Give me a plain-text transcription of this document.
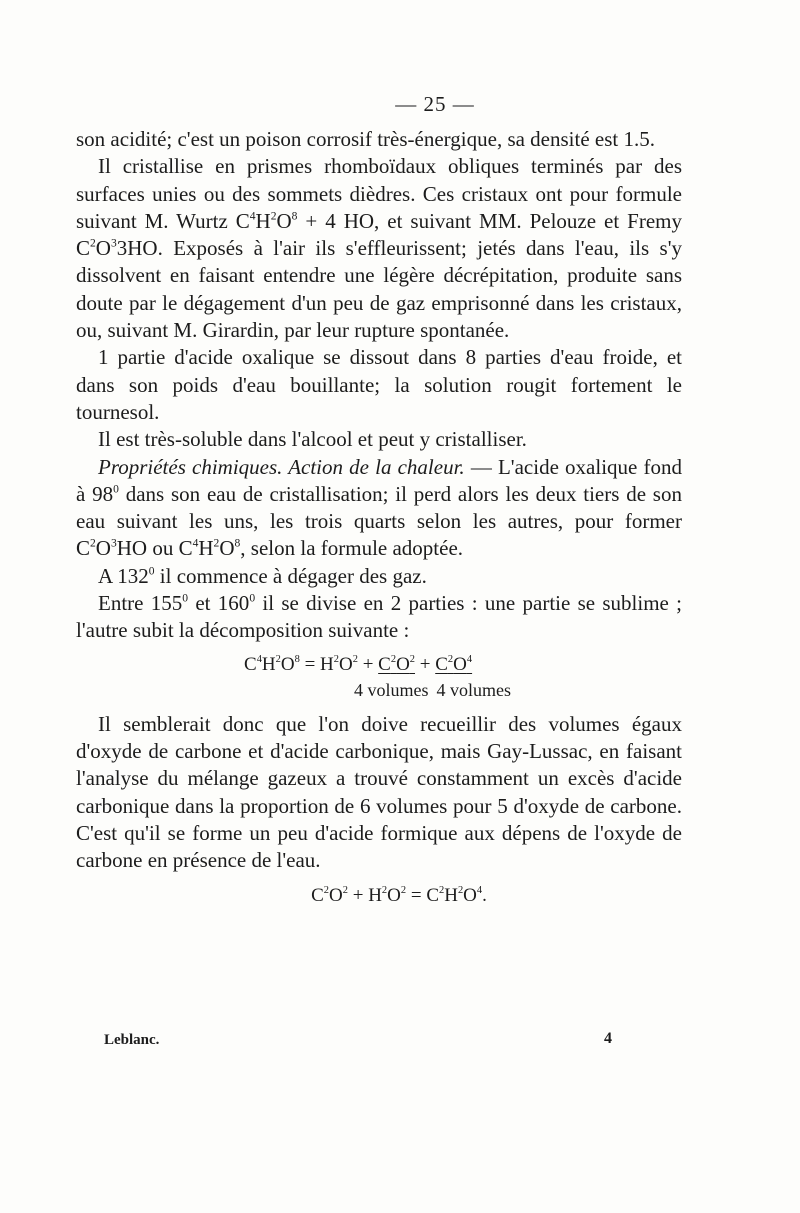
— 25 —

son acidité; c'est un poison corrosif très-énergique, sa densité est 1.5.

Il cristallise en prismes rhomboïdaux obliques terminés par des surfaces unies ou des sommets dièdres. Ces cristaux ont pour formule suivant M. Wurtz $C^4H^2O^8 + 4$ HO, et suivant MM. Pelouze et Fremy $C^2O^33HO$. Exposés à l'air ils s'effleurissent; jetés dans l'eau, ils s'y dissolvent en faisant entendre une légère décrépitation, produite sans doute par le dégagement d'un peu de gaz emprisonné dans les cristaux, ou, suivant M. Girardin, par leur rupture spontanée.

1 partie d'acide oxalique se dissout dans 8 parties d'eau froide, et dans son poids d'eau bouillante; la solution rougit fortement le tournesol.

Il est très-soluble dans l'alcool et peut y cristalliser.

Propriétés chimiques. Action de la chaleur. — L'acide oxalique fond à $98^0$ dans son eau de cristallisation; il perd alors les deux tiers de son eau suivant les uns, les trois quarts selon les autres, pour former $C^2O^3HO$ ou $C^4H^2O^8$, selon la formule adoptée.

A $132^0$ il commence à dégager des gaz.

Entre $155^0$ et $160^0$ il se divise en 2 parties : une partie se sublime ; l'autre subit la décomposition suivante :

$C^4H^2O^8 = H^2O^2 + C^2O^2 + C^2O^4$
4 volumes 4 volumes

Il semblerait donc que l'on doive recueillir des volumes égaux d'oxyde de carbone et d'acide carbonique, mais Gay-Lussac, en faisant l'analyse du mélange gazeux a trouvé constamment un excès d'acide carbonique dans la proportion de 6 volumes pour 5 d'oxyde de carbone. C'est qu'il se forme un peu d'acide formique aux dépens de l'oxyde de carbone en présence de l'eau.

$C^2O^2 + H^2O^2 = C^2H^2O^4$.
Leblanc.	4
